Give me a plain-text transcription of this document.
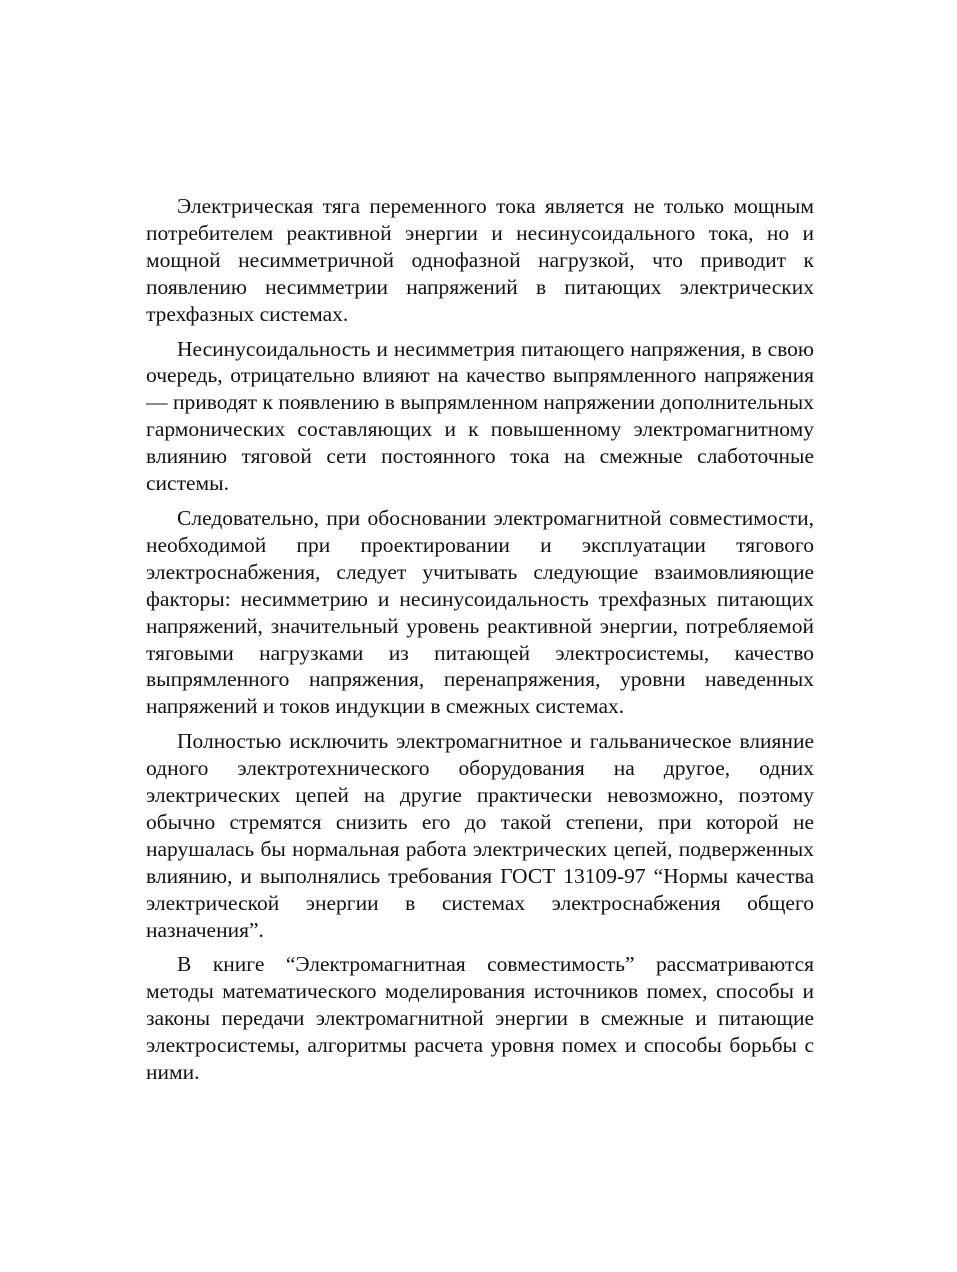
Электрическая тяга переменного тока является не только мощным потребителем реактивной энергии и несинусоидального тока, но и мощной несимметричной однофазной нагрузкой, что приводит к появлению несимметрии напряжений в питающих электрических трехфазных системах.

Несинусоидальность и несимметрия питающего напряжения, в свою очередь, отрицательно влияют на качество выпрямленного напряжения — приводят к появлению в выпрямленном напряжении дополнительных гармонических составляющих и к повышенному электромагнитному влиянию тяговой сети постоянного тока на смежные слаботочные системы.

Следовательно, при обосновании электромагнитной совместимости, необходимой при проектировании и эксплуатации тягового электроснабжения, следует учитывать следующие взаимовлияющие факторы: несимметрию и несинусоидальность трехфазных питающих напряжений, значительный уровень реактивной энергии, потребляемой тяговыми нагрузками из питающей электросистемы, качество выпрямленного напряжения, перенапряжения, уровни наведенных напряжений и токов индукции в смежных системах.

Полностью исключить электромагнитное и гальваническое влияние одного электротехнического оборудования на другое, одних электрических цепей на другие практически невозможно, поэтому обычно стремятся снизить его до такой степени, при которой не нарушалась бы нормальная работа электрических цепей, подверженных влиянию, и выполнялись требования ГОСТ 13109-97 “Нормы качества электрической энергии в системах электроснабжения общего назначения”.

В книге “Электромагнитная совместимость” рассматриваются методы математического моделирования источников помех, способы и законы передачи электромагнитной энергии в смежные и питающие электросистемы, алгоритмы расчета уровня помех и способы борьбы с ними.
